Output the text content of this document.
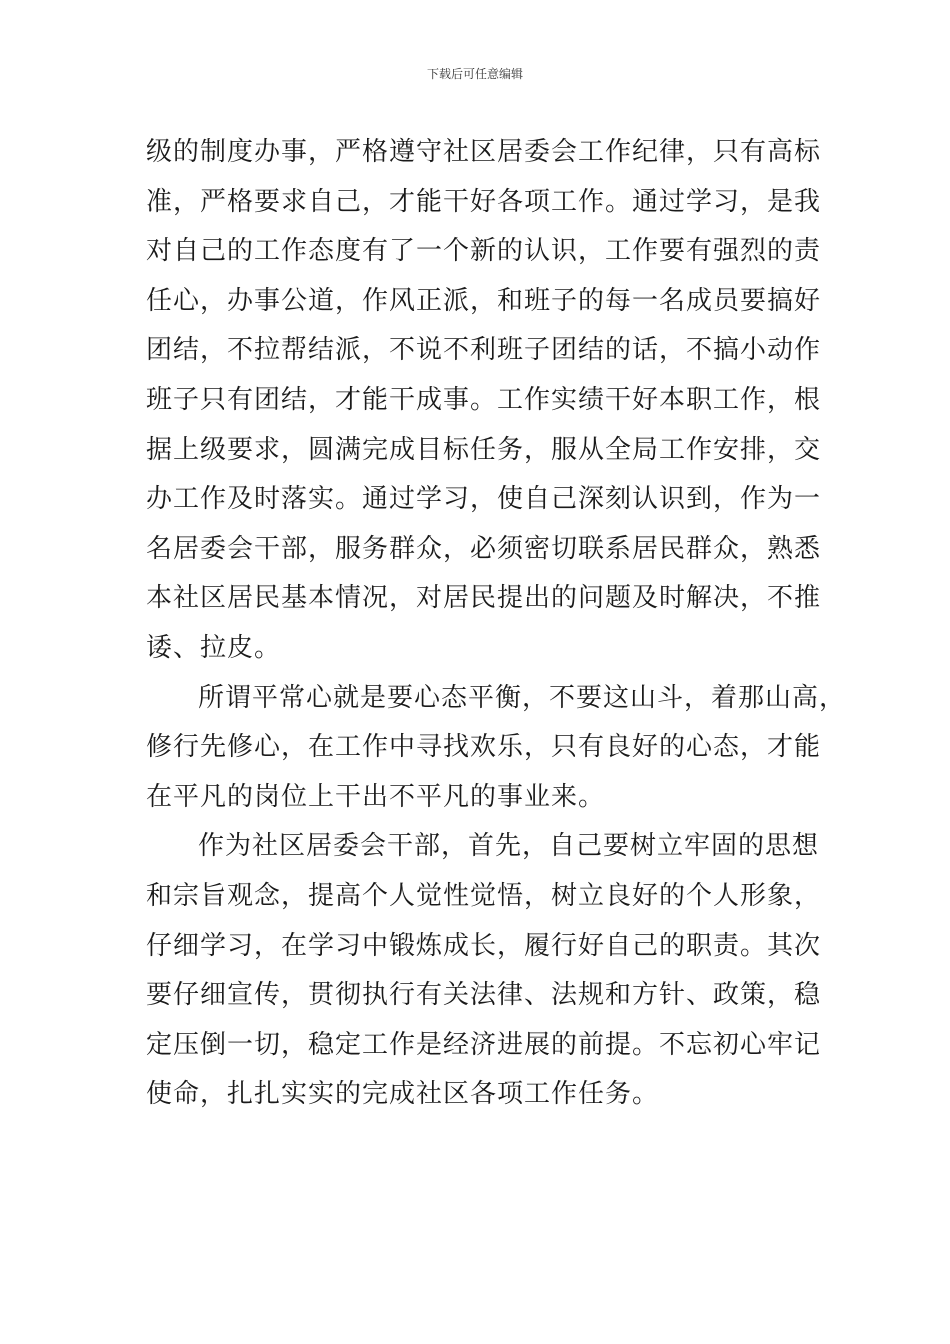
下载后可任意编辑
级的制度办事，严格遵守社区居委会工作纪律，只有高标
准，严格要求自己，才能干好各项工作。通过学习，是我
对自己的工作态度有了一个新的认识，工作要有强烈的责
任心，办事公道，作风正派，和班子的每一名成员要搞好
团结，不拉帮结派，不说不利班子团结的话，不搞小动作
班子只有团结，才能干成事。工作实绩干好本职工作，根
据上级要求，圆满完成目标任务，服从全局工作安排，交
办工作及时落实。通过学习，使自己深刻认识到，作为一
名居委会干部，服务群众，必须密切联系居民群众，熟悉
本社区居民基本情况，对居民提出的问题及时解决，不推
诿、拉皮。
所谓平常心就是要心态平衡，不要这山斗，着那山高，
修行先修心，在工作中寻找欢乐，只有良好的心态，才能
在平凡的岗位上干出不平凡的事业来。
作为社区居委会干部，首先，自己要树立牢固的思想
和宗旨观念，提高个人觉性觉悟，树立良好的个人形象，
仔细学习，在学习中锻炼成长，履行好自己的职责。其次
要仔细宣传，贯彻执行有关法律、法规和方针、政策，稳
定压倒一切，稳定工作是经济进展的前提。不忘初心牢记
使命，扎扎实实的完成社区各项工作任务。
